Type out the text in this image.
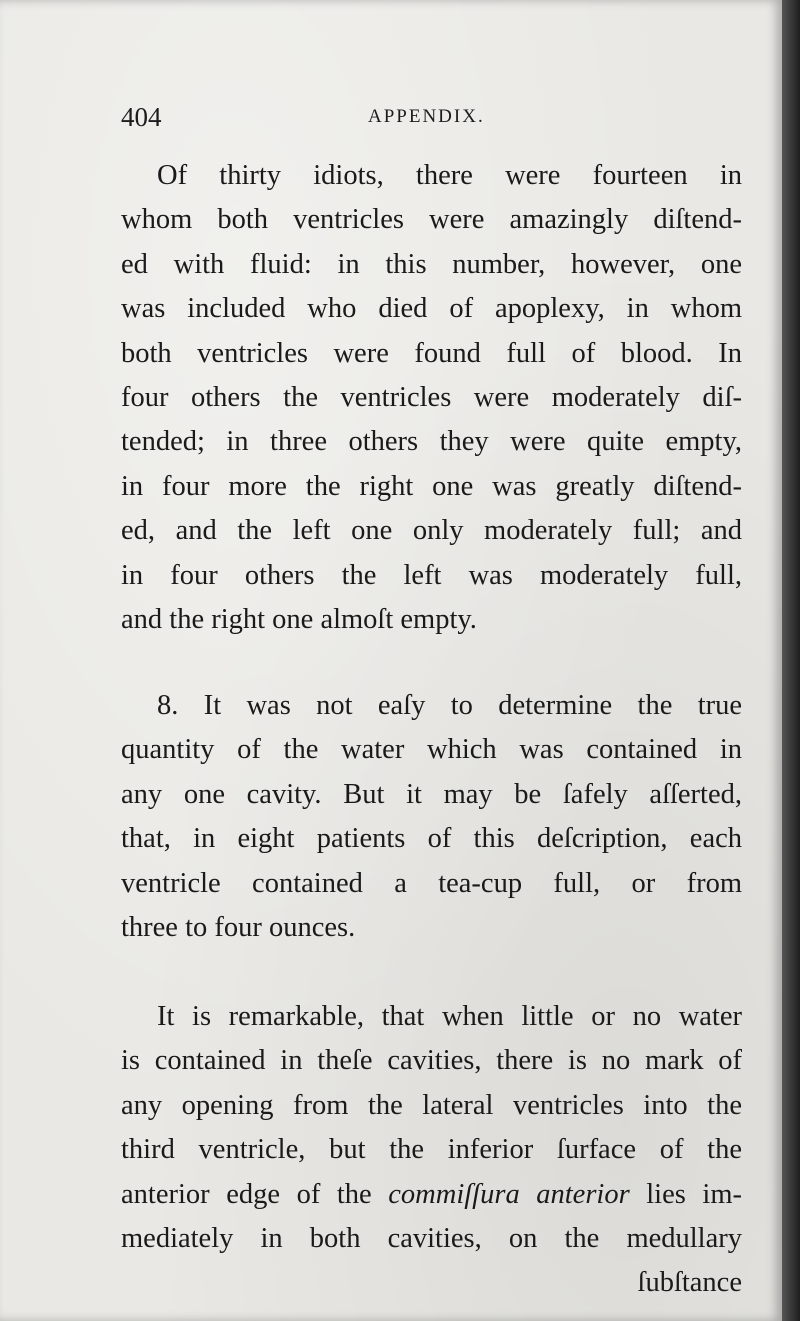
404	APPENDIX.
Of thirty idiots, there were fourteen in
whom both ventricles were amazingly diſtend-
ed with fluid: in this number, however, one
was included who died of apoplexy, in whom
both ventricles were found full of blood. In
four others the ventricles were moderately diſ-
tended; in three others they were quite empty,
in four more the right one was greatly diſtend-
ed, and the left one only moderately full; and
in four others the left was moderately full,
and the right one almoſt empty.
8. It was not eaſy to determine the true
quantity of the water which was contained in
any one cavity. But it may be ſafely aſſerted,
that, in eight patients of this deſcription, each
ventricle contained a tea-cup full, or from
three to four ounces.
It is remarkable, that when little or no water
is contained in theſe cavities, there is no mark of
any opening from the lateral ventricles into the
third ventricle, but the inferior ſurface of the
anterior edge of the commiſſura anterior lies im-
mediately in both cavities, on the medullary
ſubſtance
